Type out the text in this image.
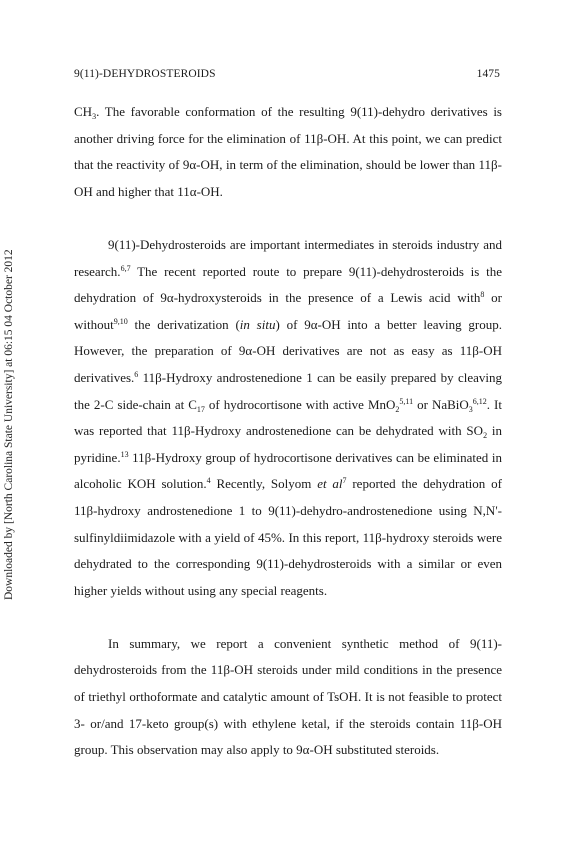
9(11)-DEHYDROSTEROIDS	1475
Downloaded by [North Carolina State University] at 06:15 04 October 2012

$CH_3$. The favorable conformation of the resulting 9(11)-dehydro derivatives is another driving force for the elimination of 11β-OH. At this point, we can predict that the reactivity of 9α-OH, in term of the elimination, should be lower than 11β-OH and higher that 11α-OH.

9(11)-Dehydrosteroids are important intermediates in steroids industry and research.$^{6,7}$ The recent reported route to prepare 9(11)-dehydrosteroids is the dehydration of 9α-hydroxysteroids in the presence of a Lewis acid with$^8$ or without$^{9,10}$ the derivatization (in situ) of 9α-OH into a better leaving group. However, the preparation of 9α-OH derivatives are not as easy as 11β-OH derivatives.$^6$ 11β-Hydroxy androstenedione 1 can be easily prepared by cleaving the 2-C side-chain at $C_{17}$ of hydrocortisone with active MnO$_2^{5,11}$ or NaBiO$_3^{6,12}$. It was reported that 11β-Hydroxy androstenedione can be dehydrated with $SO_2$ in pyridine.$^{13}$ 11β-Hydroxy group of hydrocortisone derivatives can be eliminated in alcoholic KOH solution.$^4$ Recently, Solyom et $al^7$ reported the dehydration of 11β-hydroxy androstenedione 1 to 9(11)-dehydro-androstenedione using N,N'-sulfinyldiimidazole with a yield of 45%. In this report, 11β-hydroxy steroids were dehydrated to the corresponding 9(11)-dehydrosteroids with a similar or even higher yields without using any special reagents.

In summary, we report a convenient synthetic method of 9(11)-dehydrosteroids from the 11β-OH steroids under mild conditions in the presence of triethyl orthoformate and catalytic amount of TsOH. It is not feasible to protect 3- or/and 17-keto group(s) with ethylene ketal, if the steroids contain 11β-OH group. This observation may also apply to 9α-OH substituted steroids.
